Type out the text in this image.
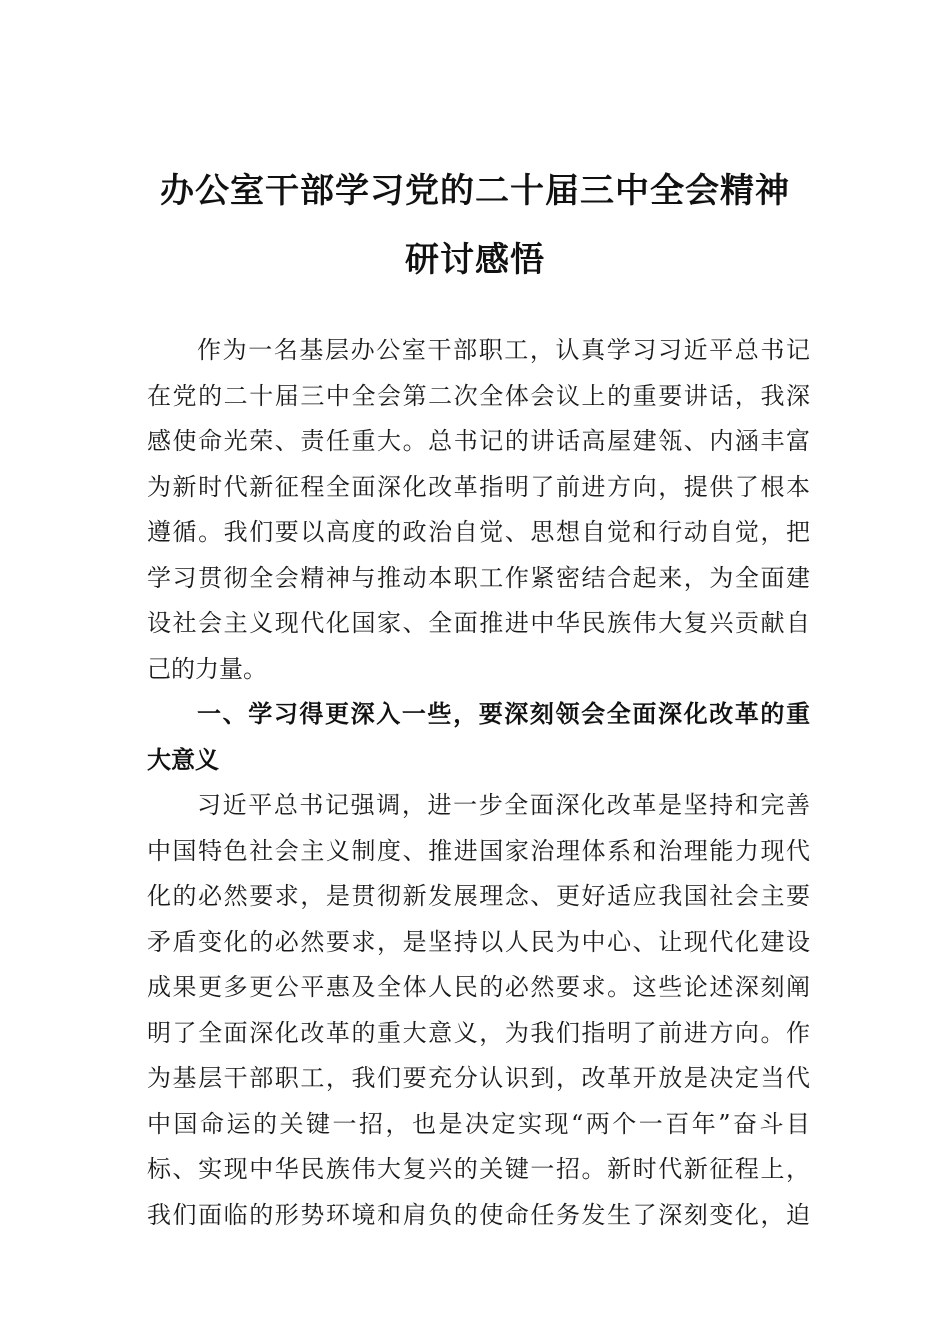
办公室干部学习党的二十届三中全会精神
研讨感悟
作为一名基层办公室干部职工，认真学习习近平总书记
在党的二十届三中全会第二次全体会议上的重要讲话，我深
感使命光荣、责任重大。总书记的讲话高屋建瓴、内涵丰富
为新时代新征程全面深化改革指明了前进方向，提供了根本
遵循。我们要以高度的政治自觉、思想自觉和行动自觉，把
学习贯彻全会精神与推动本职工作紧密结合起来，为全面建
设社会主义现代化国家、全面推进中华民族伟大复兴贡献自
己的力量。
一、学习得更深入一些，要深刻领会全面深化改革的重
大意义
习近平总书记强调，进一步全面深化改革是坚持和完善
中国特色社会主义制度、推进国家治理体系和治理能力现代
化的必然要求，是贯彻新发展理念、更好适应我国社会主要
矛盾变化的必然要求，是坚持以人民为中心、让现代化建设
成果更多更公平惠及全体人民的必然要求。这些论述深刻阐
明了全面深化改革的重大意义，为我们指明了前进方向。作
为基层干部职工，我们要充分认识到，改革开放是决定当代
中国命运的关键一招，也是决定实现“两个一百年”奋斗目
标、实现中华民族伟大复兴的关键一招。新时代新征程上，
我们面临的形势环境和肩负的使命任务发生了深刻变化，迫
